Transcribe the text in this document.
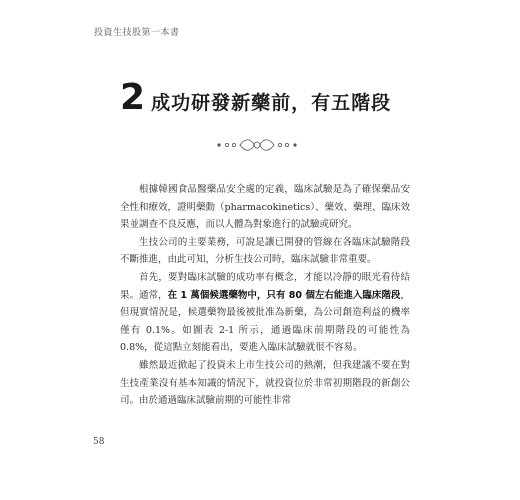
投資生技股第一本書
2 成功研發新藥前，有五階段

根據韓國食品醫藥品安全處的定義，臨床試驗是為了確保藥品安全性和療效，證明藥動（pharmacokinetics）、藥效、藥理、臨床效果並調查不良反應，而以人體為對象進行的試驗或研究。

生技公司的主要業務，可說是讓已開發的管線在各臨床試驗階段不斷推進，由此可知，分析生技公司時，臨床試驗非常重要。

首先，要對臨床試驗的成功率有概念，才能以冷靜的眼光看待結果。通常，在 1 萬個候選藥物中，只有 80 個左右能進入臨床階段，但現實情況是，候選藥物最後被批准為新藥，為公司創造利益的機率僅有 0.1%。如圖表 2-1 所示，通過臨床前期階段的可能性為 0.8%，從這點立刻能看出，要進入臨床試驗就很不容易。

雖然最近掀起了投資未上市生技公司的熱潮，但我建議不要在對生技產業沒有基本知識的情況下，就投資位於非常初期階段的新創公司。由於通過臨床試驗前期的可能性非常

58
